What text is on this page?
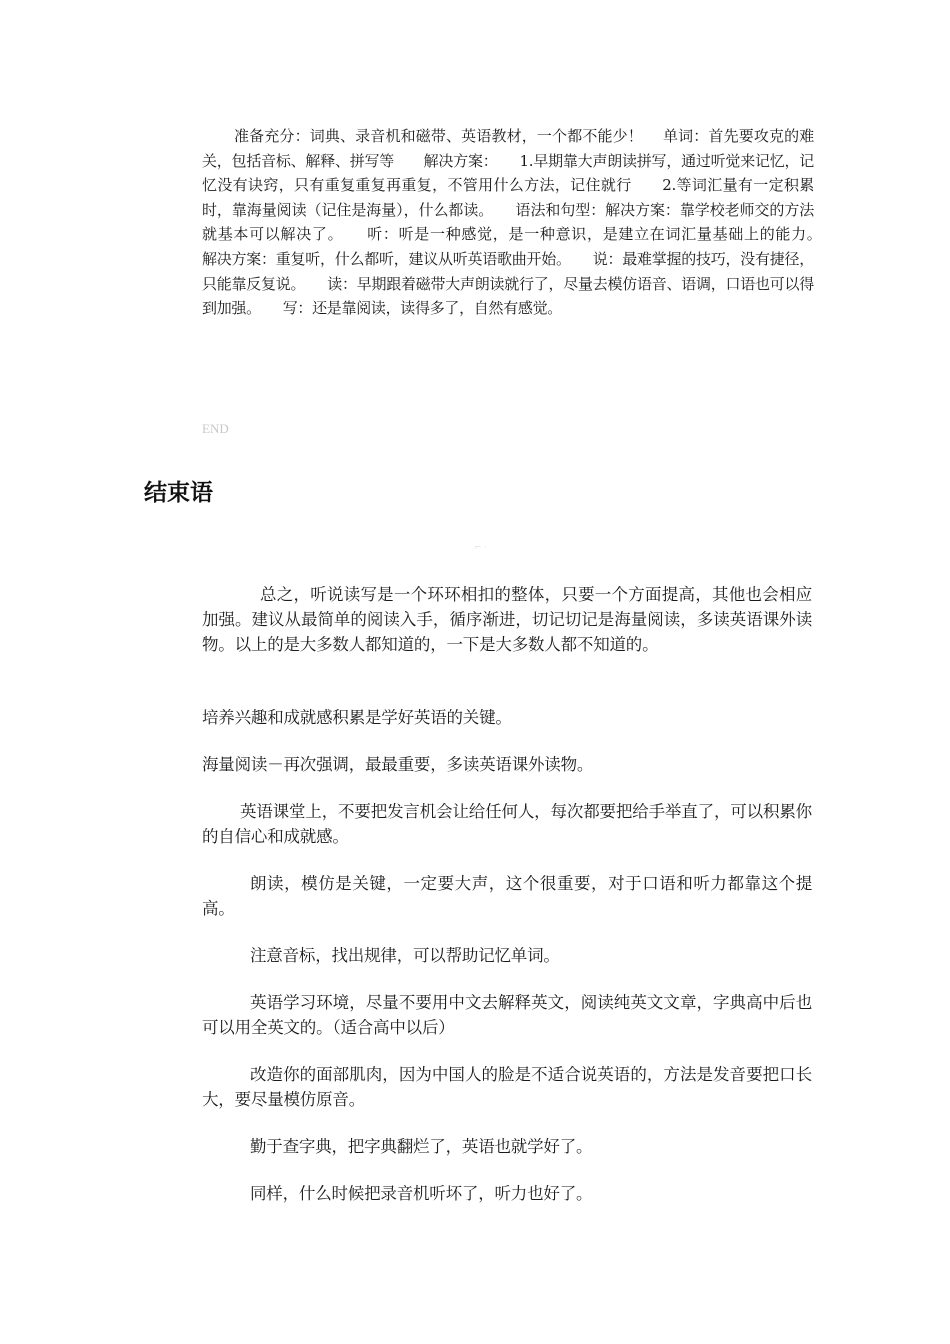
准备充分：词典、录音机和磁带、英语教材，一个都不能少！　 单词：首先要攻克的难关，包括音标、解释、拼写等　　解决方案：　　1.早期靠大声朗读拼写，通过听觉来记忆，记忆没有诀窍，只有重复重复再重复，不管用什么方法，记住就行　　2.等词汇量有一定积累时，靠海量阅读（记住是海量），什么都读。　　语法和句型：解决方案：靠学校老师交的方法就基本可以解决了。　　听：听是一种感觉，是一种意识，是建立在词汇量基础上的能力。　　解决方案：重复听，什么都听，建议从听英语歌曲开始。　　说：最难掌握的技巧，没有捷径，只能靠反复说。　　读：早期跟着磁带大声朗读就行了，尽量去模仿语音、语调，口语也可以得到加强。　　写：还是靠阅读，读得多了，自然有感觉。

END
结束语
⌐ ·

总之，听说读写是一个环环相扣的整体，只要一个方面提高，其他也会相应加强。建议从最简单的阅读入手，循序渐进，切记切记是海量阅读，多读英语课外读物。以上的是大多数人都知道的，一下是大多数人都不知道的。

培养兴趣和成就感积累是学好英语的关键。

海量阅读－再次强调，最最重要，多读英语课外读物。

英语课堂上，不要把发言机会让给任何人，每次都要把给手举直了，可以积累你的自信心和成就感。

朗读，模仿是关键，一定要大声，这个很重要，对于口语和听力都靠这个提高。

注意音标，找出规律，可以帮助记忆单词。

英语学习环境，尽量不要用中文去解释英文，阅读纯英文文章，字典高中后也可以用全英文的。（适合高中以后）

改造你的面部肌肉，因为中国人的脸是不适合说英语的，方法是发音要把口长大，要尽量模仿原音。

勤于查字典，把字典翻烂了，英语也就学好了。

同样，什么时候把录音机听坏了，听力也好了。
